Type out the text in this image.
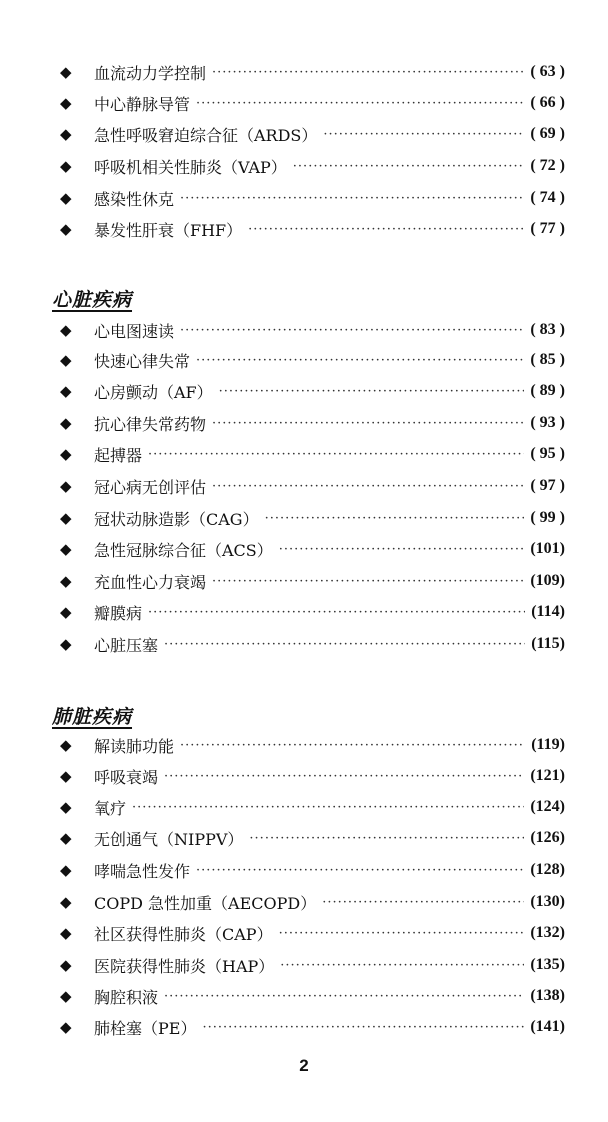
◆	血流动力学控制 ·····	( 63 )
◆	中心静脉导管 ·····	( 66 )
◆	急性呼吸窘迫综合征（ARDS） ·····	( 69 )
◆	呼吸机相关性肺炎（VAP） ·····	( 72 )
◆	感染性休克 ·····	( 74 )
◆	暴发性肝衰（FHF） ·····	( 77 )
心脏疾病
◆	心电图速读 ·····	( 83 )
◆	快速心律失常 ·····	( 85 )
◆	心房颤动（AF） ·····	( 89 )
◆	抗心律失常药物 ·····	( 93 )
◆	起搏器 ·····	( 95 )
◆	冠心病无创评估 ·····	( 97 )
◆	冠状动脉造影（CAG） ·····	( 99 )
◆	急性冠脉综合征（ACS） ·····	(101)
◆	充血性心力衰竭 ·····	(109)
◆	瓣膜病 ·····	(114)
◆	心脏压塞 ·····	(115)
肺脏疾病
◆	解读肺功能 ·····	(119)
◆	呼吸衰竭 ·····	(121)
◆	氧疗 ·····	(124)
◆	无创通气（NIPPV） ·····	(126)
◆	哮喘急性发作 ·····	(128)
◆	COPD 急性加重（AECOPD） ·····	(130)
◆	社区获得性肺炎（CAP） ·····	(132)
◆	医院获得性肺炎（HAP） ·····	(135)
◆	胸腔积液 ·····	(138)
◆	肺栓塞（PE） ·····	(141)
2
